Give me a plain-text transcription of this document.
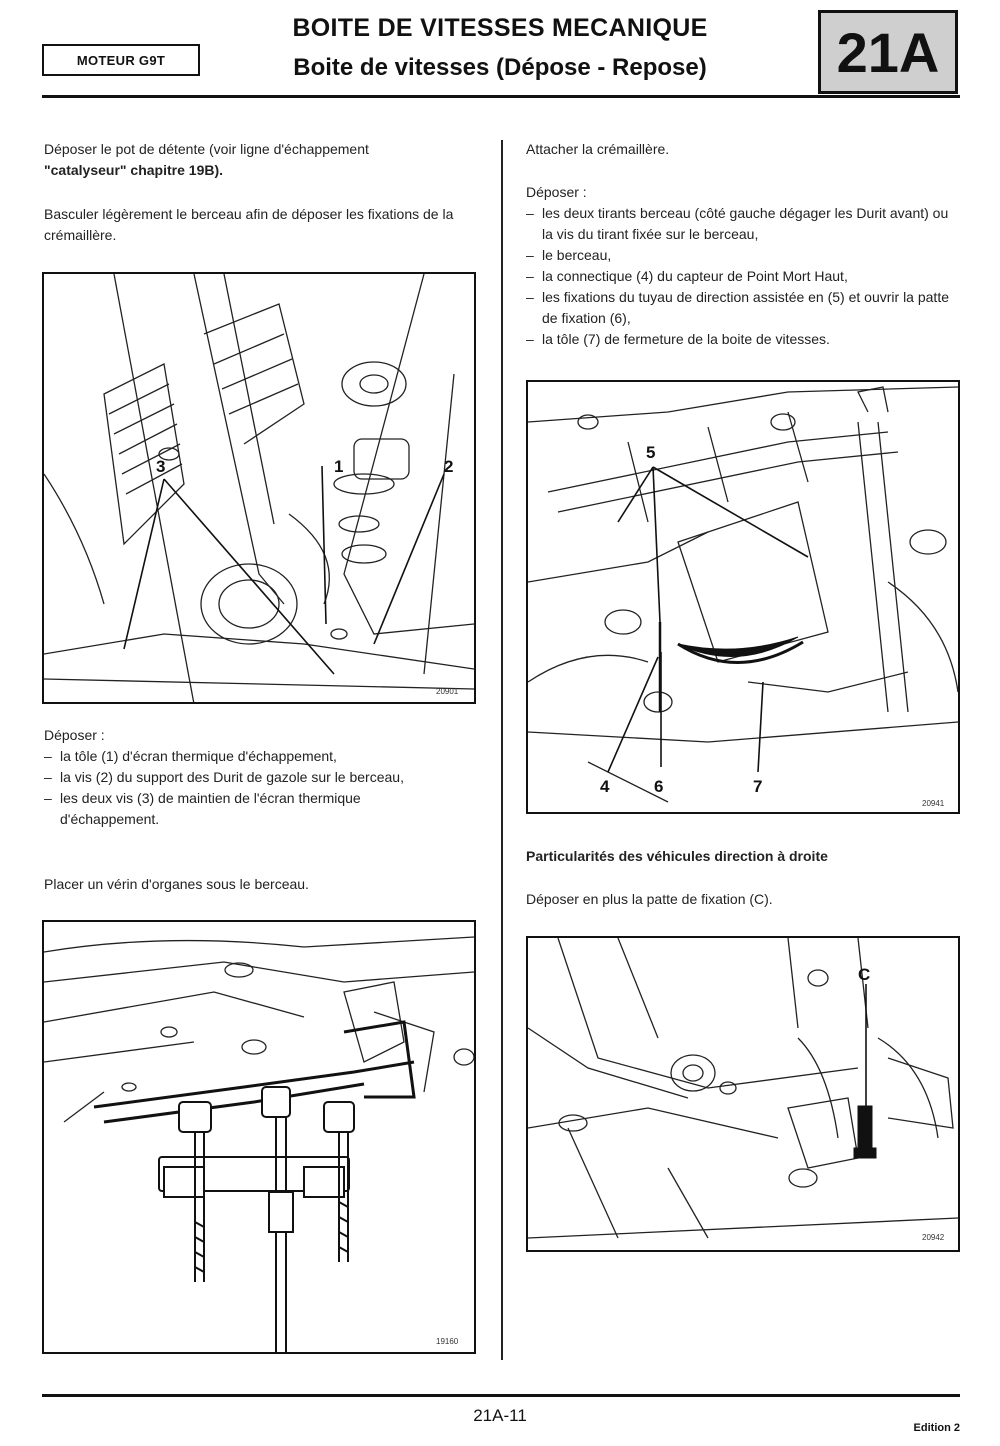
MOTEUR G9T
BOITE DE VITESSES MECANIQUE
Boite de vitesses (Dépose - Repose)	21A
Déposer le pot de détente (voir ligne d'échappement
"catalyseur" chapitre 19B).
Basculer légèrement le berceau afin de déposer les fixations de la crémaillère.
3	1	2
20901
Déposer :
– la tôle (1) d'écran thermique d'échappement,
– la vis (2) du support des Durit de gazole sur le berceau,
– les deux vis (3) de maintien de l'écran thermique d'échappement.
Placer un vérin d'organes sous le berceau.
19160
Attacher la crémaillère.
Déposer :
– les deux tirants berceau (côté gauche dégager les Durit avant) ou la vis du tirant fixée sur le berceau,
– le berceau,
– la connectique (4) du capteur de Point Mort Haut,
– les fixations du tuyau de direction assistée en (5) et ouvrir la patte de fixation (6),
– la tôle (7) de fermeture de la boite de vitesses.
5
4	6	7
20941
Particularités des véhicules direction à droite
Déposer en plus la patte de fixation (C).
C
20942
21A-11
Edition 2
